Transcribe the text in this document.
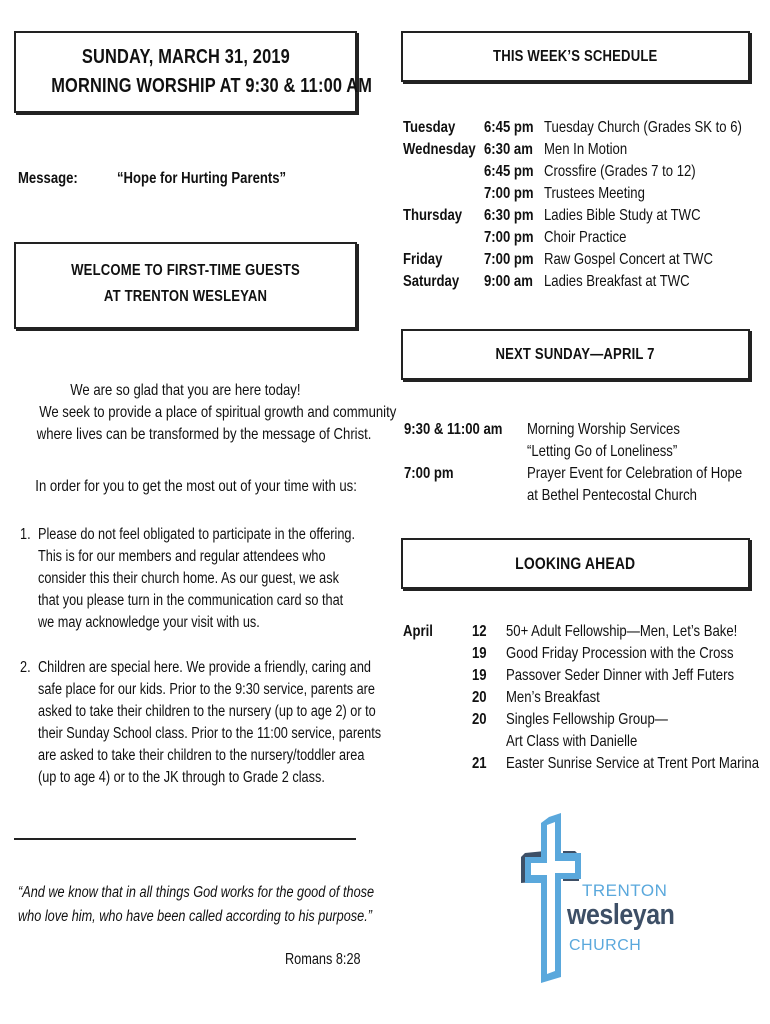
SUNDAY, MARCH 31, 2019
MORNING WORSHIP AT 9:30 & 11:00 AM
Message:	“Hope for Hurting Parents”
WELCOME TO FIRST-TIME GUESTS
AT TRENTON WESLEYAN
We are so glad that you are here today!
We seek to provide a place of spiritual growth and community
where lives can be transformed by the message of Christ.
In order for you to get the most out of your time with us:
1. Please do not feel obligated to participate in the offering.
This is for our members and regular attendees who
consider this their church home. As our guest, we ask
that you please turn in the communication card so that
we may acknowledge your visit with us.
2. Children are special here. We provide a friendly, caring and
safe place for our kids. Prior to the 9:30 service, parents are
asked to take their children to the nursery (up to age 2) or to
their Sunday School class. Prior to the 11:00 service, parents
are asked to take their children to the nursery/toddler area
(up to age 4) or to the JK through to Grade 2 class.
“And we know that in all things God works for the good of those
who love him, who have been called according to his purpose.”
Romans 8:28
THIS WEEK’S SCHEDULE
Tuesday 6:45 pm Tuesday Church (Grades SK to 6)
Wednesday 6:30 am Men In Motion
6:45 pm Crossfire (Grades 7 to 12)
7:00 pm Trustees Meeting
Thursday 6:30 pm Ladies Bible Study at TWC
7:00 pm Choir Practice
Friday	7:00 pm Raw Gospel Concert at TWC
Saturday 9:00 am Ladies Breakfast at TWC
NEXT SUNDAY—APRIL 7
9:30 & 11:00 am	Morning Worship Services
“Letting Go of Loneliness”
7:00 pm	Prayer Event for Celebration of Hope
at Bethel Pentecostal Church
LOOKING AHEAD
April	12 50+ Adult Fellowship—Men, Let’s Bake!
19 Good Friday Procession with the Cross
19 Passover Seder Dinner with Jeff Futers
20 Men’s Breakfast
20 Singles Fellowship Group—
Art Class with Danielle
21 Easter Sunrise Service at Trent Port Marina
TRENTON
wesleyan
CHURCH
